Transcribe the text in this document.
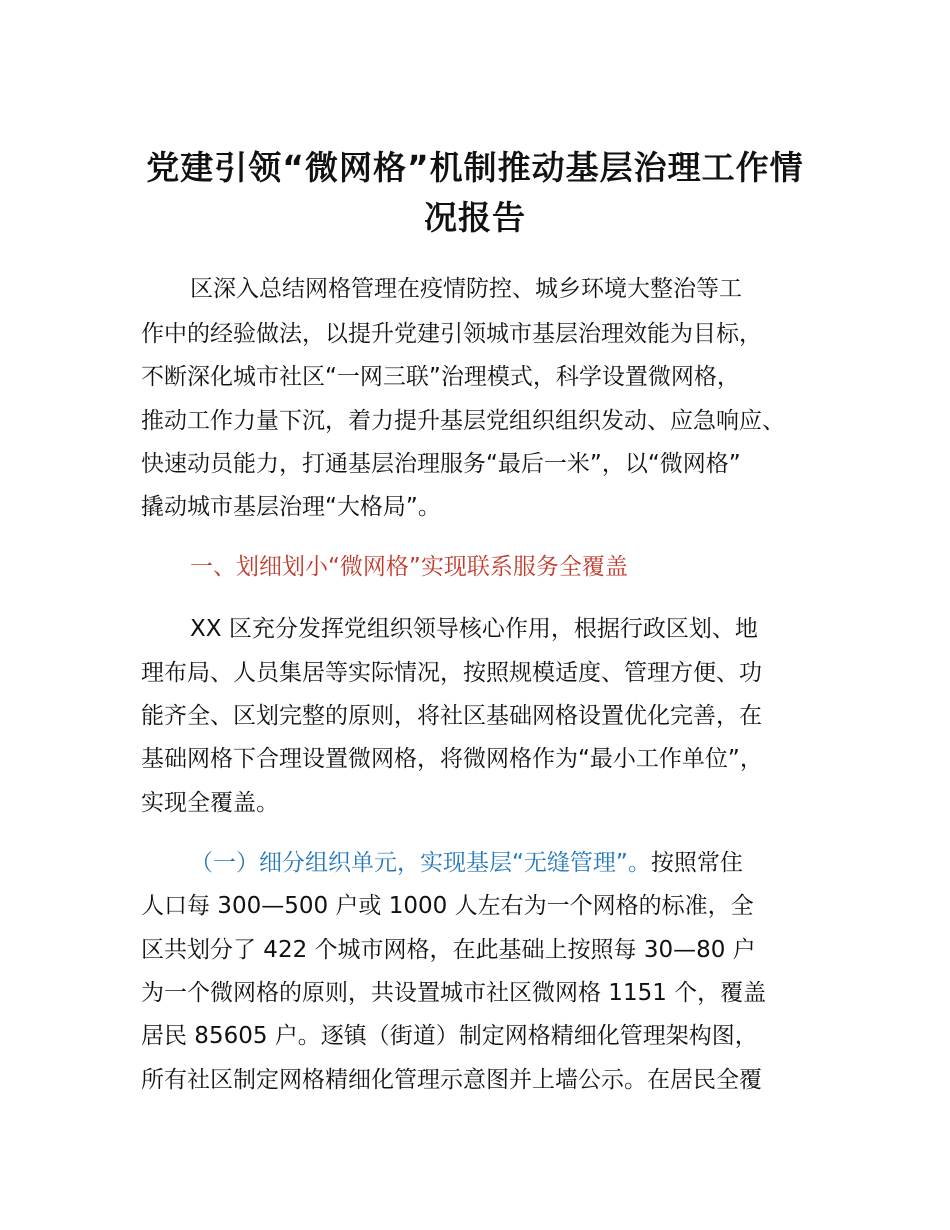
党建引领“微网格”机制推动基层治理工作情
况报告
区深入总结网格管理在疫情防控、城乡环境大整治等工
作中的经验做法，以提升党建引领城市基层治理效能为目标，
不断深化城市社区“一网三联”治理模式，科学设置微网格，
推动工作力量下沉，着力提升基层党组织组织发动、应急响应、
快速动员能力，打通基层治理服务“最后一米”，以“微网格”
撬动城市基层治理“大格局”。
一、划细划小“微网格”实现联系服务全覆盖
XX 区充分发挥党组织领导核心作用，根据行政区划、地
理布局、人员集居等实际情况，按照规模适度、管理方便、功
能齐全、区划完整的原则，将社区基础网格设置优化完善，在
基础网格下合理设置微网格，将微网格作为“最小工作单位”，
实现全覆盖。
（一）细分组织单元，实现基层“无缝管理”。按照常住
人口每 300—500 户或 1000 人左右为一个网格的标准，全
区共划分了 422 个城市网格，在此基础上按照每 30—80 户
为一个微网格的原则，共设置城市社区微网格 1151 个，覆盖
居民 85605 户。逐镇（街道）制定网格精细化管理架构图，
所有社区制定网格精细化管理示意图并上墙公示。在居民全覆
